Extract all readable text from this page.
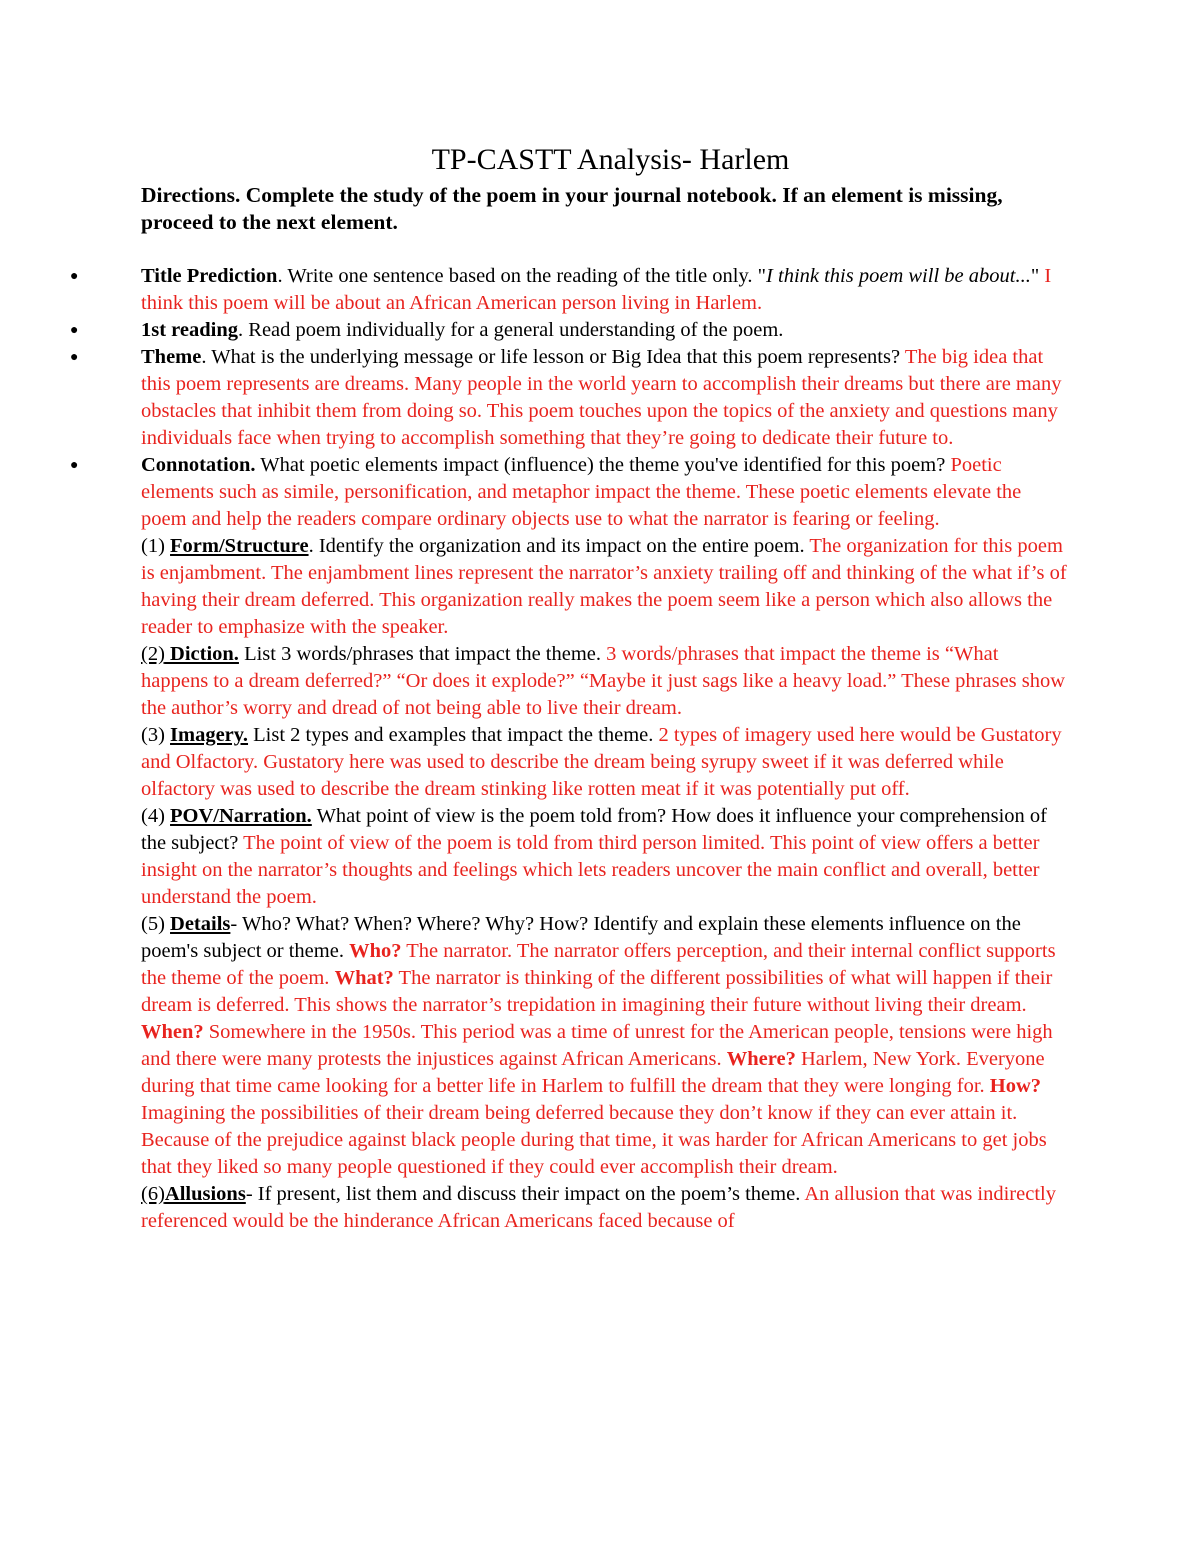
TP-CASTT Analysis- Harlem
Directions. Complete the study of the poem in your journal notebook. If an element is missing, proceed to the next element.
●
Title Prediction. Write one sentence based on the reading of the title only. "I think this poem will be about..." I think this poem will be about an African American person living in Harlem.
●
1st reading. Read poem individually for a general understanding of the poem.
●
Theme. What is the underlying message or life lesson or Big Idea that this poem represents? The big idea that this poem represents are dreams. Many people in the world yearn to accomplish their dreams but there are many obstacles that inhibit them from doing so. This poem touches upon the topics of the anxiety and questions many individuals face when trying to accomplish something that they’re going to dedicate their future to.
●
Connotation. What poetic elements impact (influence) the theme you've identified for this poem? Poetic elements such as simile, personification, and metaphor impact the theme. These poetic elements elevate the poem and help the readers compare ordinary objects use to what the narrator is fearing or feeling.
(1) Form/Structure. Identify the organization and its impact on the entire poem. The organization for this poem is enjambment. The enjambment lines represent the narrator’s anxiety trailing off and thinking of the what if’s of having their dream deferred. This organization really makes the poem seem like a person which also allows the reader to emphasize with the speaker.
(2) Diction. List 3 words/phrases that impact the theme. 3 words/phrases that impact the theme is “What happens to a dream deferred?” “Or does it explode?” “Maybe it just sags like a heavy load.” These phrases show the author’s worry and dread of not being able to live their dream.
(3) Imagery. List 2 types and examples that impact the theme. 2 types of imagery used here would be Gustatory and Olfactory. Gustatory here was used to describe the dream being syrupy sweet if it was deferred while olfactory was used to describe the dream stinking like rotten meat if it was potentially put off.
(4) POV/Narration. What point of view is the poem told from? How does it influence your comprehension of the subject? The point of view of the poem is told from third person limited. This point of view offers a better insight on the narrator’s thoughts and feelings which lets readers uncover the main conflict and overall, better understand the poem.
(5) Details- Who? What? When? Where? Why? How? Identify and explain these elements influence on the poem's subject or theme. Who? The narrator. The narrator offers perception, and their internal conflict supports the theme of the poem. What? The narrator is thinking of the different possibilities of what will happen if their dream is deferred. This shows the narrator’s trepidation in imagining their future without living their dream. When? Somewhere in the 1950s. This period was a time of unrest for the American people, tensions were high and there were many protests the injustices against African Americans. Where? Harlem, New York. Everyone during that time came looking for a better life in Harlem to fulfill the dream that they were longing for. How? Imagining the possibilities of their dream being deferred because they don’t know if they can ever attain it. Because of the prejudice against black people during that time, it was harder for African Americans to get jobs that they liked so many people questioned if they could ever accomplish their dream.
(6)Allusions- If present, list them and discuss their impact on the poem’s theme. An allusion that was indirectly referenced would be the hinderance African Americans faced because of
